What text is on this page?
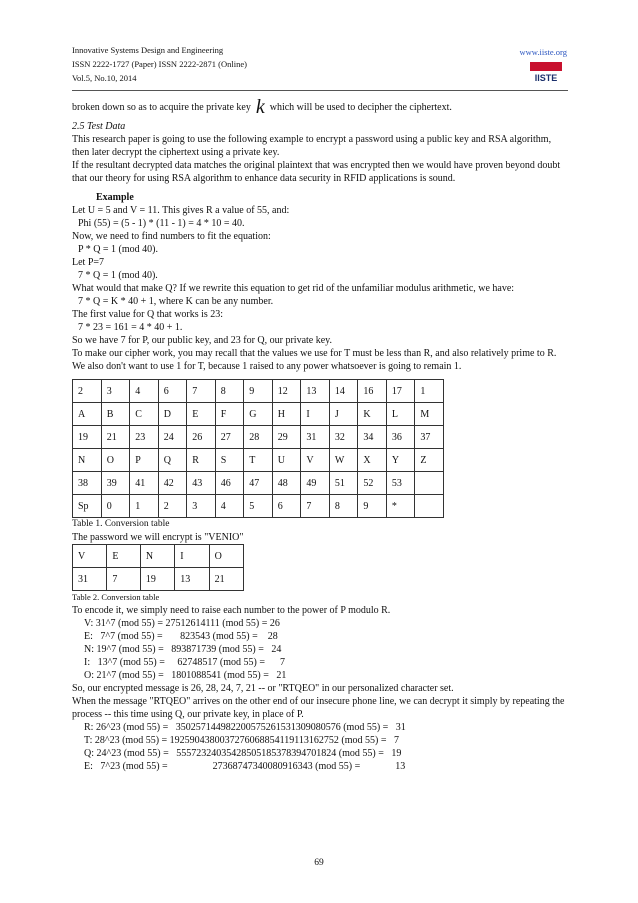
Innovative Systems Design and Engineering
ISSN 2222-1727 (Paper) ISSN 2222-2871 (Online)
Vol.5, No.10, 2014
www.iiste.org
IISTE

broken down so as to acquire the private key k which will be used to decipher the ciphertext.

2.5 Test Data

This research paper is going to use the following example to encrypt a password using a public key and RSA algorithm, then later decrypt the ciphertext using a private key.

If the resultant decrypted data matches the original plaintext that was encrypted then we would have proven beyond doubt that our theory for using RSA algorithm to enhance data security in RFID applications is sound.

Example

Let U = 5 and V = 11. This gives R a value of 55, and:

Phi (55) = (5 - 1) * (11 - 1) = 4 * 10 = 40.

Now, we need to find numbers to fit the equation:

P * Q = 1 (mod 40).

Let P=7

7 * Q = 1 (mod 40).

What would that make Q? If we rewrite this equation to get rid of the unfamiliar modulus arithmetic, we have:

7 * Q = K * 40 + 1, where K can be any number.

The first value for Q that works is 23:

7 * 23 = 161 = 4 * 40 + 1.

So we have 7 for P, our public key, and 23 for Q, our private key.

To make our cipher work, you may recall that the values we use for T must be less than R, and also relatively prime to R. We also don't want to use 1 for T, because 1 raised to any power whatsoever is going to remain 1.

2	3	4	6	7	8	9	12	13	14	16	17	1
A	B	C	D	E	F	G	H	I	J	K	L	M
19	21	23	24	26	27	28	29	31	32	34	36	37
N	O	P	Q	R	S	T	U	V	W	X	Y	Z
38	39	41	42	43	46	47	48	49	51	52	53	
Sp	0	1	2	3	4	5	6	7	8	9	*	

Table 1. Conversion table

The password we will encrypt is "VENIO"

V	E	N	I	O
31	7	19	13	21

Table 2. Conversion table

To encode it, we simply need to raise each number to the power of P modulo R.

V: 31^7 (mod 55) = 27512614111 (mod 55) = 26

E:   7^7 (mod 55) =       823543 (mod 55) =    28

N: 19^7 (mod 55) =   893871739 (mod 55) =   24

I:   13^7 (mod 55) =     62748517 (mod 55) =      7

O: 21^7 (mod 55) =   1801088541 (mod 55) =   21

So, our encrypted message is 26, 28, 24, 7, 21 -- or "RTQEO" in our personalized character set.

When the message "RTQEO" arrives on the other end of our insecure phone line, we can decrypt it simply by repeating the process -- this time using Q, our private key, in place of P.

R: 26^23 (mod 55) =   350257144982200575261531309080576 (mod 55) =   31

T: 28^23 (mod 55) = 1925904380037276068854119113162752 (mod 55) =   7

Q: 24^23 (mod 55) =   55572324035428505185378394701824 (mod 55) =   19

E:   7^23 (mod 55) =                  27368747340080916343 (mod 55) =              13

69
